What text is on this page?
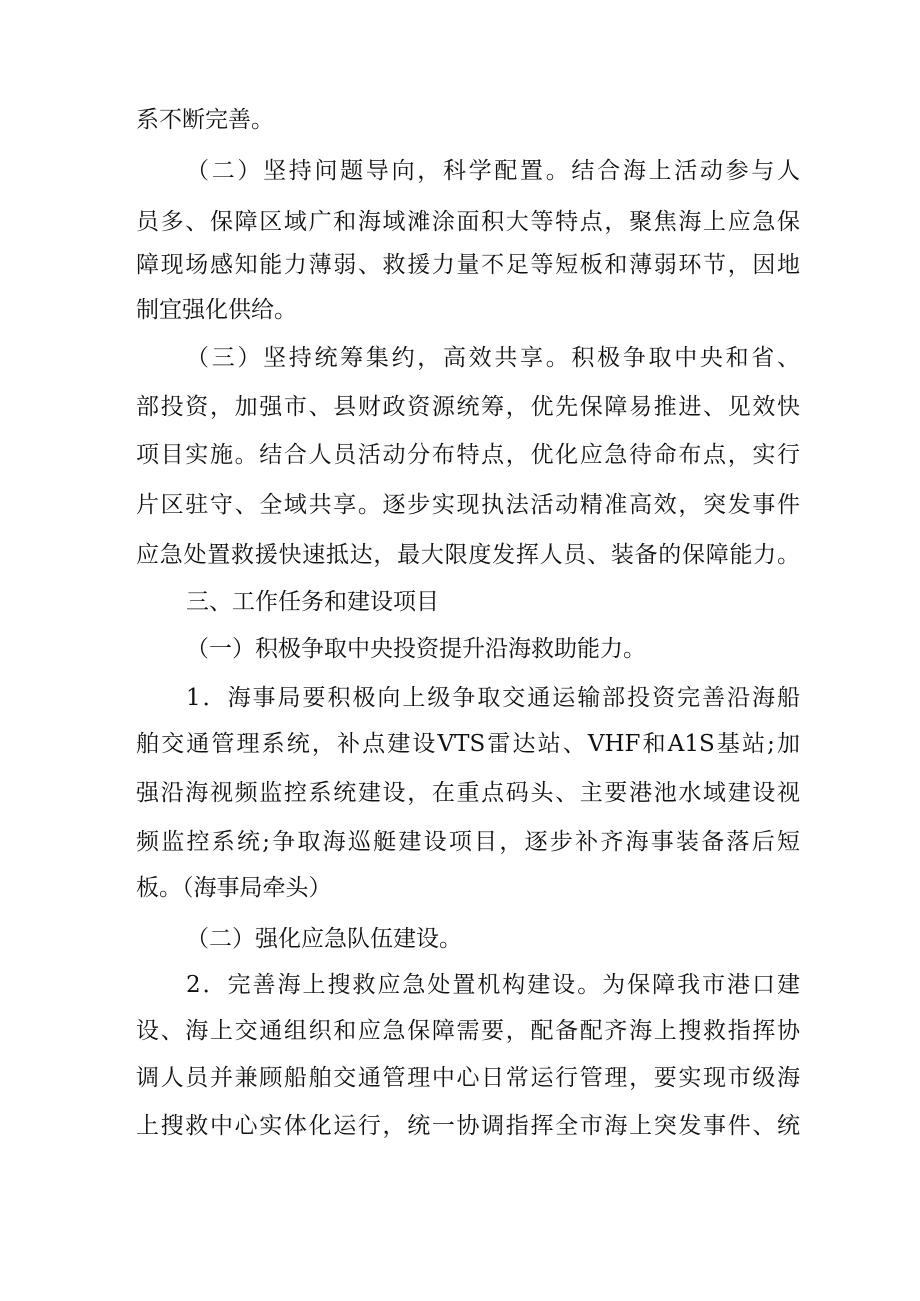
系不断完善。
（二）坚持问题导向，科学配置。结合海上活动参与人
员多、保障区域广和海域滩涂面积大等特点，聚焦海上应急保
障现场感知能力薄弱、救援力量不足等短板和薄弱环节，因地
制宜强化供给。
（三）坚持统筹集约，高效共享。积极争取中央和省、
部投资，加强市、县财政资源统筹，优先保障易推进、见效快
项目实施。结合人员活动分布特点，优化应急待命布点，实行
片区驻守、全域共享。逐步实现执法活动精准高效，突发事件
应急处置救援快速抵达，最大限度发挥人员、装备的保障能力。
三、工作任务和建设项目
（一）积极争取中央投资提升沿海救助能力。
1．海事局要积极向上级争取交通运输部投资完善沿海船
舶交通管理系统，补点建设VTS雷达站、VHF和A1S基站;加
强沿海视频监控系统建设，在重点码头、主要港池水域建设视
频监控系统;争取海巡艇建设项目，逐步补齐海事装备落后短
板。（海事局牵头）
（二）强化应急队伍建设。
2．完善海上搜救应急处置机构建设。为保障我市港口建
设、海上交通组织和应急保障需要，配备配齐海上搜救指挥协
调人员并兼顾船舶交通管理中心日常运行管理，要实现市级海
上搜救中心实体化运行，统一协调指挥全市海上突发事件、统
